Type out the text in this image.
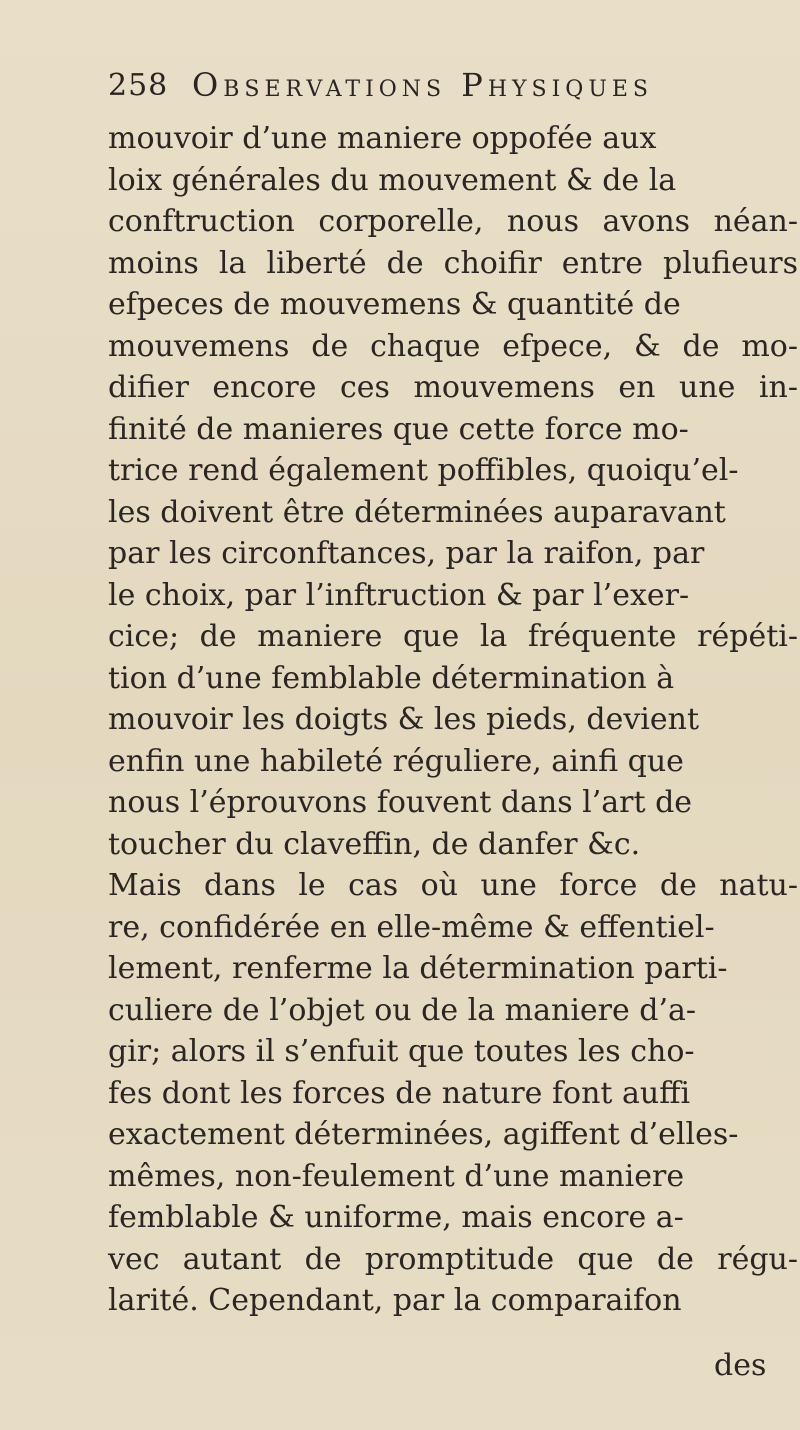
258 Observations Physiques
mouvoir d’une maniere oppofée aux
loix générales du mouvement & de la
conftruction corporelle, nous avons néan-
moins la liberté de choifir entre plufieurs
efpeces de mouvemens & quantité de
mouvemens de chaque efpece, & de mo-
difier encore ces mouvemens en une in-
finité de manieres que cette force mo-
trice rend également poffibles, quoiqu’el-
les doivent être déterminées auparavant
par les circonftances, par la raifon, par
le choix, par l’inftruction & par l’exer-
cice; de maniere que la fréquente répéti-
tion d’une femblable détermination à
mouvoir les doigts & les pieds, devient
enfin une habileté réguliere, ainfi que
nous l’éprouvons fouvent dans l’art de
toucher du claveffin, de danfer &c.
Mais dans le cas où une force de natu-
re, confidérée en elle-même & effentiel-
lement, renferme la détermination parti-
culiere de l’objet ou de la maniere d’a-
gir; alors il s’enfuit que toutes les cho-
fes dont les forces de nature font auffi
exactement déterminées, agiffent d’elles-
mêmes, non-feulement d’une maniere
femblable & uniforme, mais encore a-
vec autant de promptitude que de régu-
larité. Cependant, par la comparaifon
des
